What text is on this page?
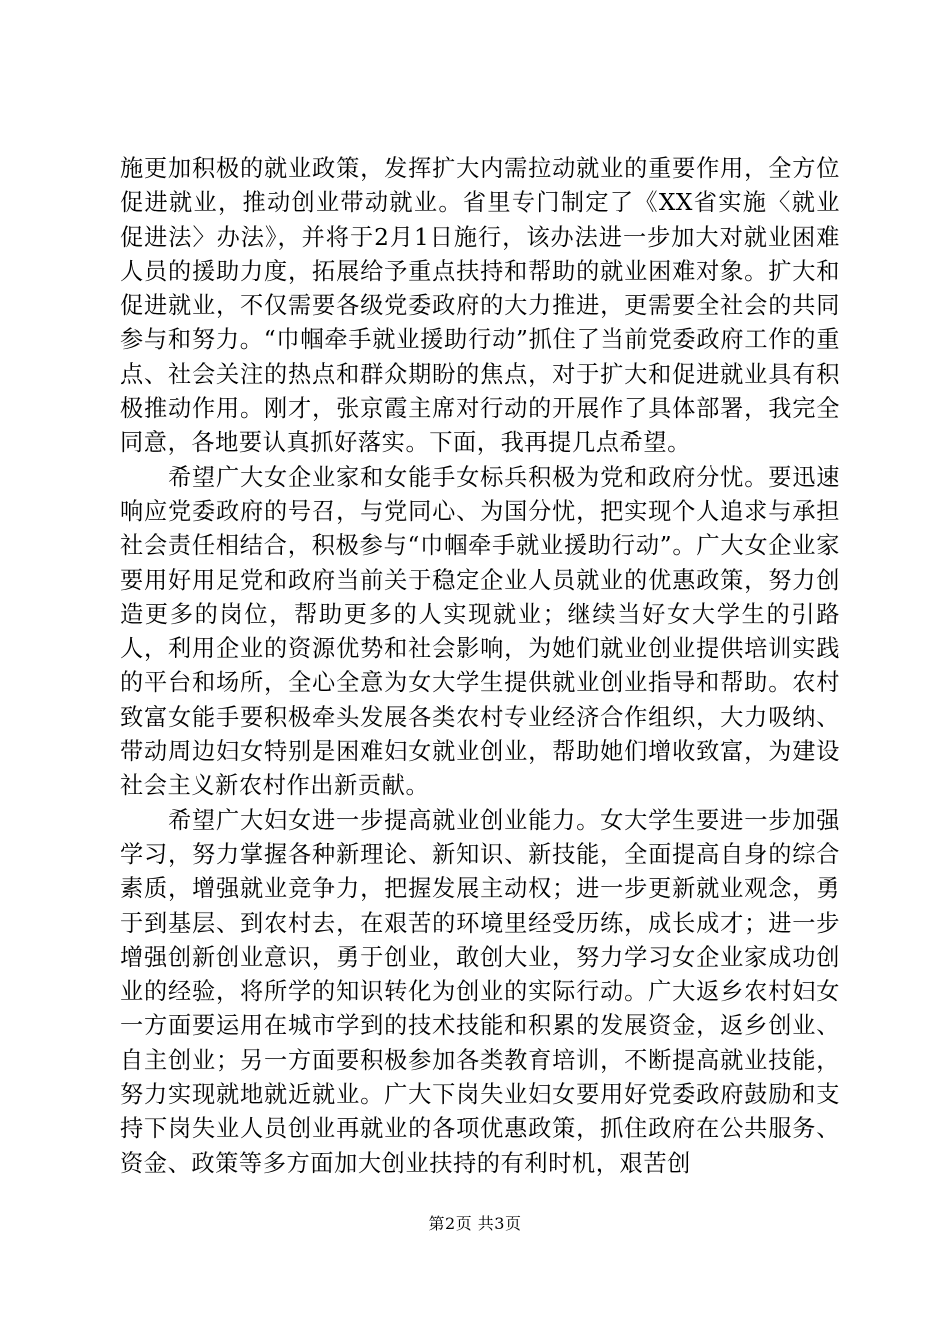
施更加积极的就业政策，发挥扩大内需拉动就业的重要作用，全方位促进就业，推动创业带动就业。省里专门制定了《XX省实施〈就业促进法〉办法》，并将于2月1日施行，该办法进一步加大对就业困难人员的援助力度，拓展给予重点扶持和帮助的就业困难对象。扩大和促进就业，不仅需要各级党委政府的大力推进，更需要全社会的共同参与和努力。“巾帼牵手就业援助行动”抓住了当前党委政府工作的重点、社会关注的热点和群众期盼的焦点，对于扩大和促进就业具有积极推动作用。刚才，张京霞主席对行动的开展作了具体部署，我完全同意，各地要认真抓好落实。下面，我再提几点希望。

希望广大女企业家和女能手女标兵积极为党和政府分忧。要迅速响应党委政府的号召，与党同心、为国分忧，把实现个人追求与承担社会责任相结合，积极参与“巾帼牵手就业援助行动”。广大女企业家要用好用足党和政府当前关于稳定企业人员就业的优惠政策，努力创造更多的岗位，帮助更多的人实现就业；继续当好女大学生的引路人，利用企业的资源优势和社会影响，为她们就业创业提供培训实践的平台和场所，全心全意为女大学生提供就业创业指导和帮助。农村致富女能手要积极牵头发展各类农村专业经济合作组织，大力吸纳、带动周边妇女特别是困难妇女就业创业，帮助她们增收致富，为建设社会主义新农村作出新贡献。

希望广大妇女进一步提高就业创业能力。女大学生要进一步加强学习，努力掌握各种新理论、新知识、新技能，全面提高自身的综合素质，增强就业竞争力，把握发展主动权；进一步更新就业观念，勇于到基层、到农村去，在艰苦的环境里经受历练，成长成才；进一步增强创新创业意识，勇于创业，敢创大业，努力学习女企业家成功创业的经验，将所学的知识转化为创业的实际行动。广大返乡农村妇女一方面要运用在城市学到的技术技能和积累的发展资金，返乡创业、自主创业；另一方面要积极参加各类教育培训，不断提高就业技能，努力实现就地就近就业。广大下岗失业妇女要用好党委政府鼓励和支持下岗失业人员创业再就业的各项优惠政策，抓住政府在公共服务、资金、政策等多方面加大创业扶持的有利时机，艰苦创

第2页 共3页
